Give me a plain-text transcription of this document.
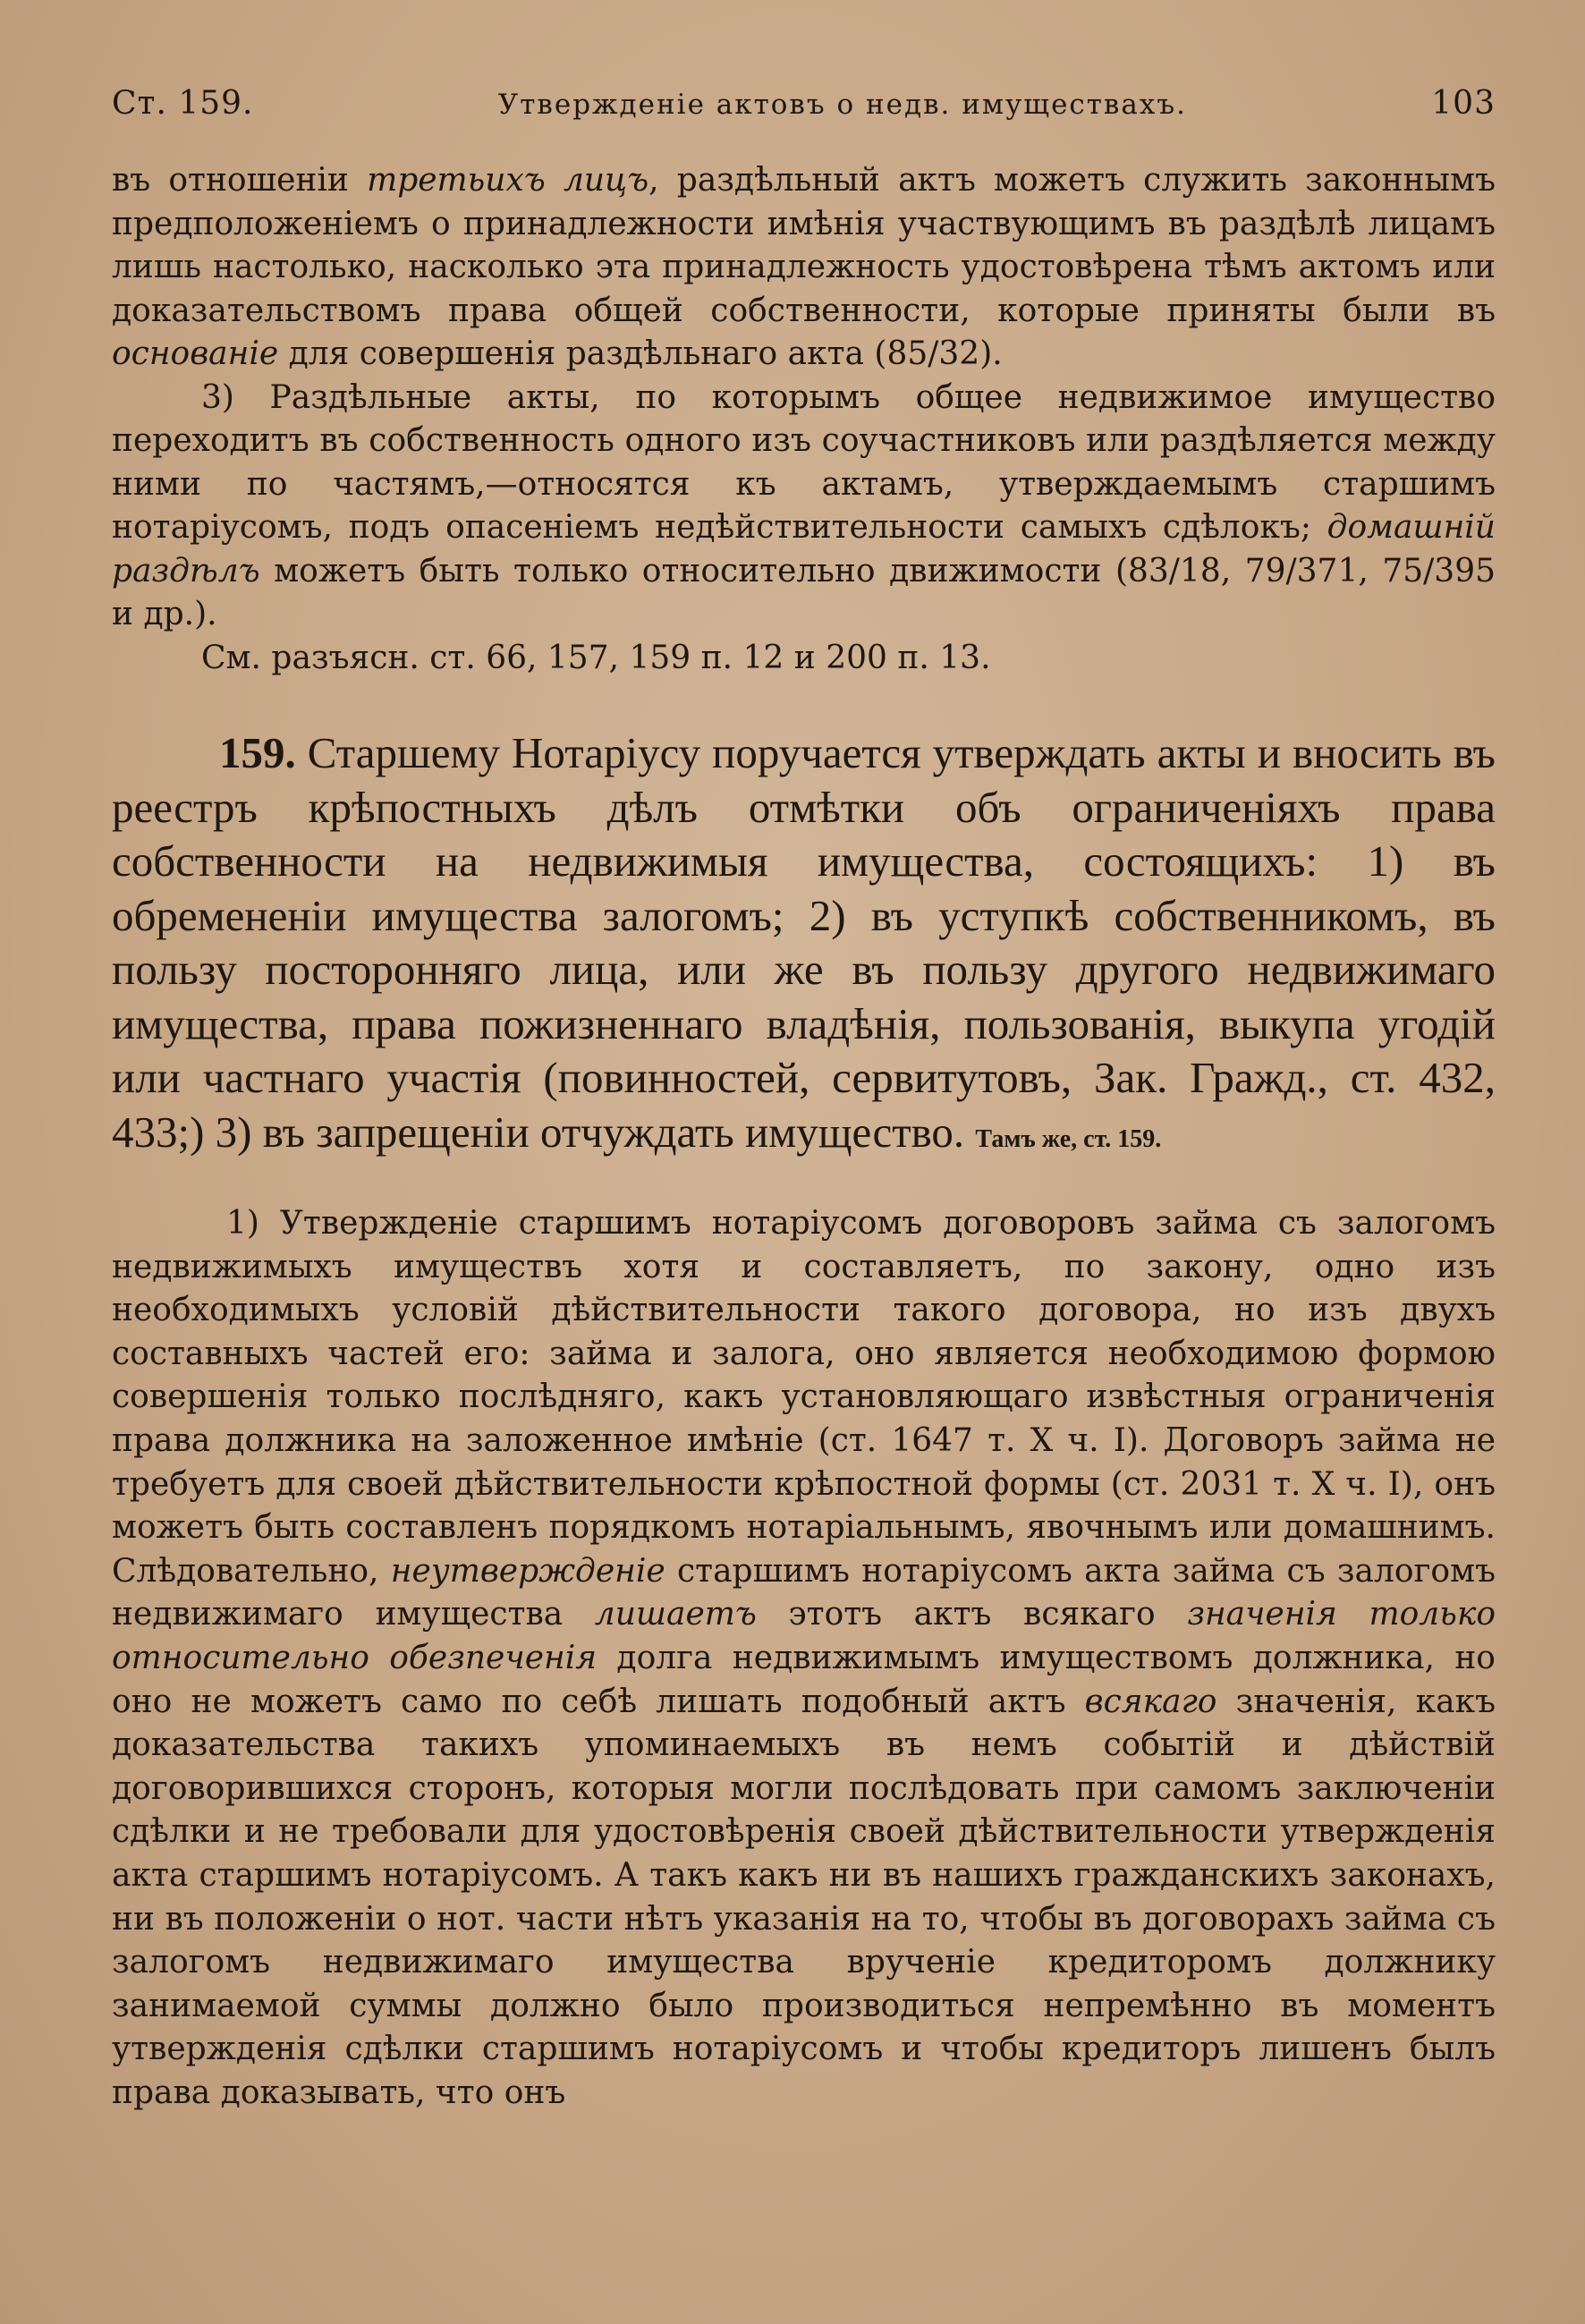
Ст. 159.	Утвержденіе актовъ о недв. имуществахъ.	103

въ отношеніи третьихъ лицъ, раздѣльный актъ можетъ служить законнымъ предположеніемъ о принадлежности имѣнія участвующимъ въ раздѣлѣ лицамъ лишь настолько, насколько эта принадлежность удостовѣрена тѣмъ актомъ или доказательствомъ права общей собственности, которые приняты были въ основаніе для совершенія раздѣльнаго акта (85/32).

3) Раздѣльные акты, по которымъ общее недвижимое имущество переходитъ въ собственность одного изъ соучастниковъ или раздѣляется между ними по частямъ,—относятся къ актамъ, утверждаемымъ старшимъ нотаріусомъ, подъ опасеніемъ недѣйствительности самыхъ сдѣлокъ; домашній раздѣлъ можетъ быть только относительно движимости (83/18, 79/371, 75/395 и др.).

См. разъясн. ст. 66, 157, 159 п. 12 и 200 п. 13.

159. Старшему Нотаріусу поручается утверждать акты и вносить въ реестръ крѣпостныхъ дѣлъ отмѣтки объ ограниченіяхъ права собственности на недвижимыя имущества, состоящихъ: 1) въ обремененіи имущества залогомъ; 2) въ уступкѣ собственникомъ, въ пользу посторонняго лица, или же въ пользу другого недвижимаго имущества, права пожизненнаго владѣнія, пользованія, выкупа угодій или частнаго участія (повинностей, сервитутовъ, Зак. Гражд., ст. 432, 433;) 3) въ запрещеніи отчуждать имущество. Тамъ же, ст. 159.

1) Утвержденіе старшимъ нотаріусомъ договоровъ займа съ залогомъ недвижимыхъ имуществъ хотя и составляетъ, по закону, одно изъ необходимыхъ условій дѣйствительности такого договора, но изъ двухъ составныхъ частей его: займа и залога, оно является необходимою формою совершенія только послѣдняго, какъ установляющаго извѣстныя ограниченія права должника на заложенное имѣніе (ст. 1647 т. X ч. I). Договоръ займа не требуетъ для своей дѣйствительности крѣпостной формы (ст. 2031 т. X ч. I), онъ можетъ быть составленъ порядкомъ нотаріальнымъ, явочнымъ или домашнимъ. Слѣдовательно, неутвержденіе старшимъ нотаріусомъ акта займа съ залогомъ недвижимаго имущества лишаетъ этотъ актъ всякаго значенія только относительно обезпеченія долга недвижимымъ имуществомъ должника, но оно не можетъ само по себѣ лишать подобный актъ всякаго значенія, какъ доказательства такихъ упоминаемыхъ въ немъ событій и дѣйствій договорившихся сторонъ, которыя могли послѣдовать при самомъ заключеніи сдѣлки и не требовали для удостовѣренія своей дѣйствительности утвержденія акта старшимъ нотаріусомъ. А такъ какъ ни въ нашихъ гражданскихъ законахъ, ни въ положеніи о нот. части нѣтъ указанія на то, чтобы въ договорахъ займа съ залогомъ недвижимаго имущества врученіе кредиторомъ должнику занимаемой суммы должно было производиться непремѣнно въ моментъ утвержденія сдѣлки старшимъ нотаріусомъ и чтобы кредиторъ лишенъ былъ права доказывать, что онъ
